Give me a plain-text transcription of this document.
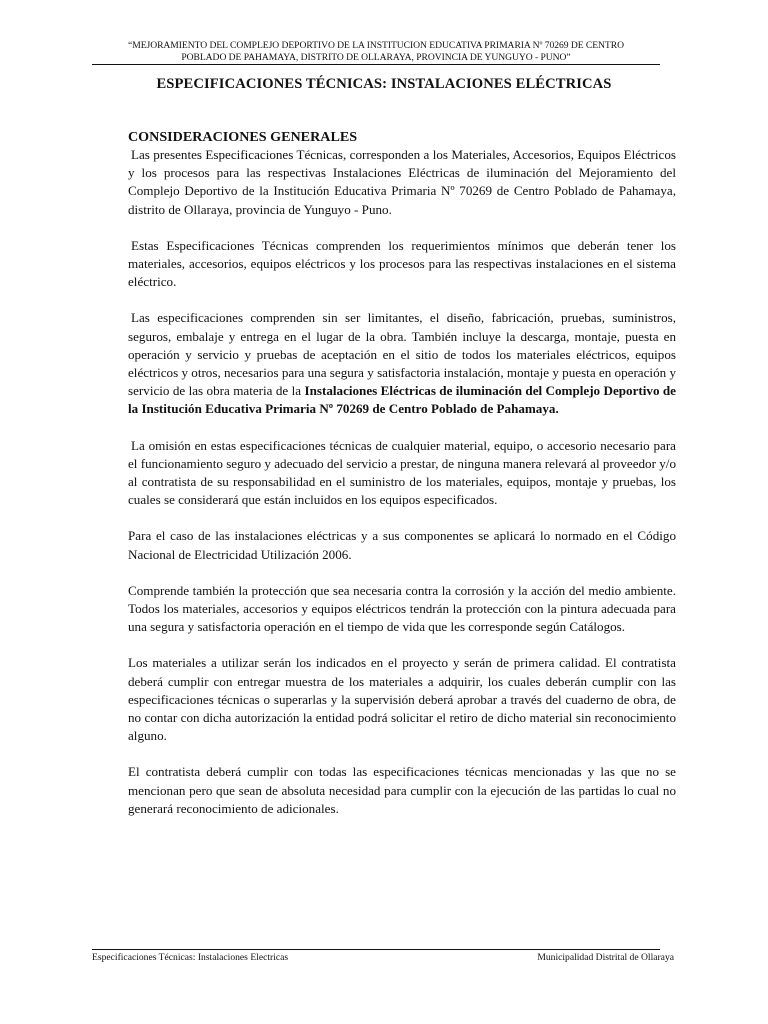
“MEJORAMIENTO DEL COMPLEJO DEPORTIVO DE LA INSTITUCION EDUCATIVA PRIMARIA Nº 70269 DE CENTRO
POBLADO DE PAHAMAYA, DISTRITO DE OLLARAYA, PROVINCIA DE YUNGUYO - PUNO”
ESPECIFICACIONES TÉCNICAS: INSTALACIONES ELÉCTRICAS

CONSIDERACIONES GENERALES

Las presentes Especificaciones Técnicas, corresponden a los Materiales, Accesorios, Equipos Eléctricos y los procesos para las respectivas Instalaciones Eléctricas de iluminación del Mejoramiento del Complejo Deportivo de la Institución Educativa Primaria Nº 70269 de Centro Poblado de Pahamaya, distrito de Ollaraya, provincia de Yunguyo - Puno.

Estas Especificaciones Técnicas comprenden los requerimientos mínimos que deberán tener los materiales, accesorios, equipos eléctricos y los procesos para las respectivas instalaciones en el sistema eléctrico.

Las especificaciones comprenden sin ser limitantes, el diseño, fabricación, pruebas, suministros, seguros, embalaje y entrega en el lugar de la obra. También incluye la descarga, montaje, puesta en operación y servicio y pruebas de aceptación en el sitio de todos los materiales eléctricos, equipos eléctricos y otros, necesarios para una segura y satisfactoria instalación, montaje y puesta en operación y servicio de las obra materia de la Instalaciones Eléctricas de iluminación del Complejo Deportivo de la Institución Educativa Primaria Nº 70269 de Centro Poblado de Pahamaya.

La omisión en estas especificaciones técnicas de cualquier material, equipo, o accesorio necesario para el funcionamiento seguro y adecuado del servicio a prestar, de ninguna manera relevará al proveedor y/o al contratista de su responsabilidad en el suministro de los materiales, equipos, montaje y pruebas, los cuales se considerará que están incluidos en los equipos especificados.

Para el caso de las instalaciones eléctricas y a sus componentes se aplicará lo normado en el Código Nacional de Electricidad Utilización 2006.

Comprende también la protección que sea necesaria contra la corrosión y la acción del medio ambiente. Todos los materiales, accesorios y equipos eléctricos tendrán la protección con la pintura adecuada para una segura y satisfactoria operación en el tiempo de vida que les corresponde según Catálogos.

Los materiales a utilizar serán los indicados en el proyecto y serán de primera calidad. El contratista deberá cumplir con entregar muestra de los materiales a adquirir, los cuales deberán cumplir con las especificaciones técnicas o superarlas y la supervisión deberá aprobar a través del cuaderno de obra, de no contar con dicha autorización la entidad podrá solicitar el retiro de dicho material sin reconocimiento alguno.

El contratista deberá cumplir con todas las especificaciones técnicas mencionadas y las que no se mencionan pero que sean de absoluta necesidad para cumplir con la ejecución de las partidas lo cual no generará reconocimiento de adicionales.

Especificaciones Técnicas: Instalaciones Electricas	Municipalidad Distrital de Ollaraya
